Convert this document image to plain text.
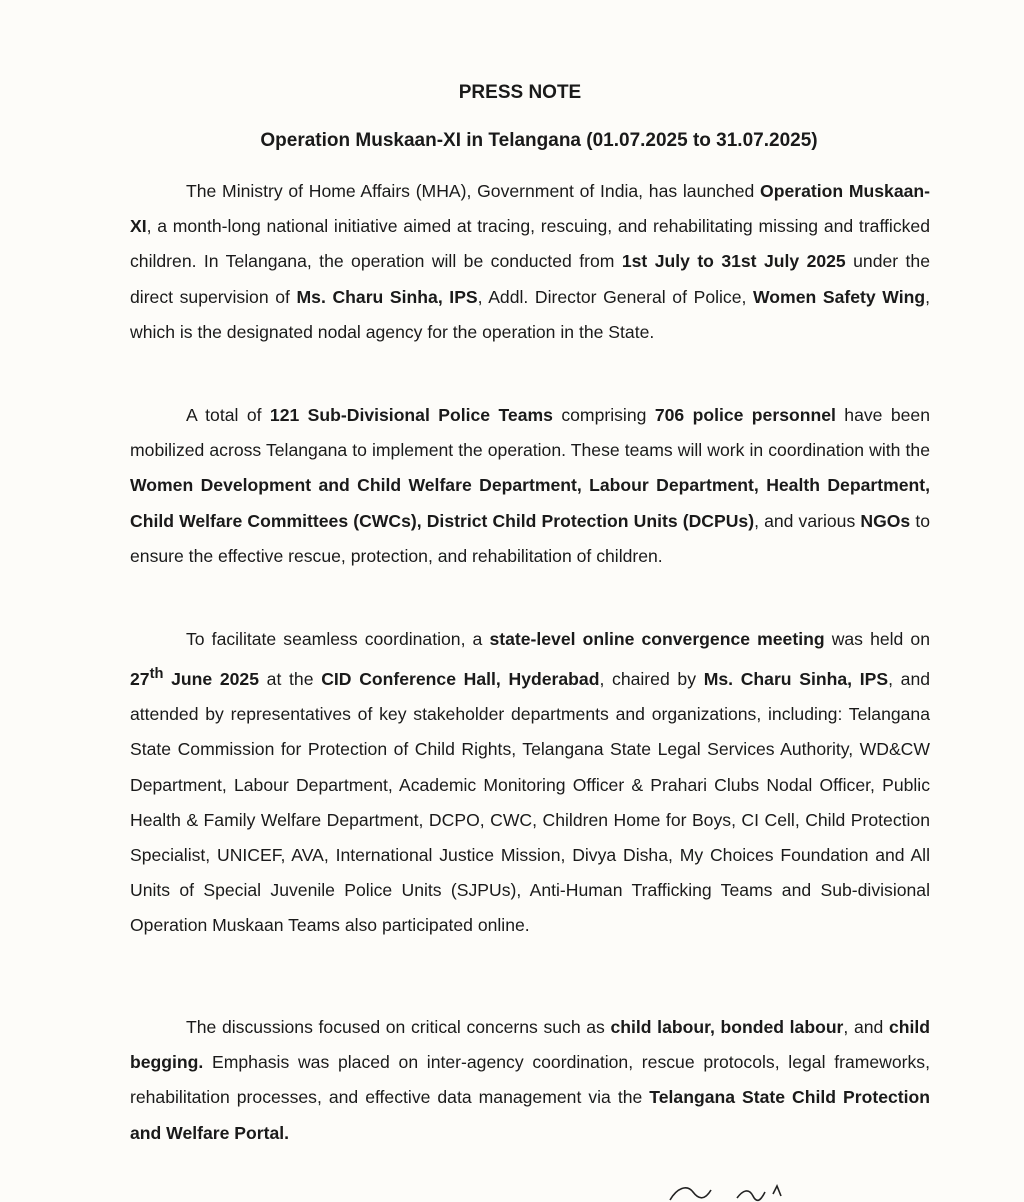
PRESS NOTE
Operation Muskaan-XI in Telangana (01.07.2025 to 31.07.2025)

The Ministry of Home Affairs (MHA), Government of India, has launched Operation Muskaan-XI, a month-long national initiative aimed at tracing, rescuing, and rehabilitating missing and trafficked children. In Telangana, the operation will be conducted from 1st July to 31st July 2025 under the direct supervision of Ms. Charu Sinha, IPS, Addl. Director General of Police, Women Safety Wing, which is the designated nodal agency for the operation in the State.

A total of 121 Sub-Divisional Police Teams comprising 706 police personnel have been mobilized across Telangana to implement the operation. These teams will work in coordination with the Women Development and Child Welfare Department, Labour Department, Health Department, Child Welfare Committees (CWCs), District Child Protection Units (DCPUs), and various NGOs to ensure the effective rescue, protection, and rehabilitation of children.

To facilitate seamless coordination, a state-level online convergence meeting was held on 27th June 2025 at the CID Conference Hall, Hyderabad, chaired by Ms. Charu Sinha, IPS, and attended by representatives of key stakeholder departments and organizations, including: Telangana State Commission for Protection of Child Rights, Telangana State Legal Services Authority, WD&CW Department, Labour Department, Academic Monitoring Officer & Prahari Clubs Nodal Officer, Public Health & Family Welfare Department, DCPO, CWC, Children Home for Boys, CI Cell, Child Protection Specialist, UNICEF, AVA, International Justice Mission, Divya Disha, My Choices Foundation and All Units of Special Juvenile Police Units (SJPUs), Anti-Human Trafficking Teams and Sub-divisional Operation Muskaan Teams also participated online.

The discussions focused on critical concerns such as child labour, bonded labour, and child begging. Emphasis was placed on inter-agency coordination, rescue protocols, legal frameworks, rehabilitation processes, and effective data management via the Telangana State Child Protection and Welfare Portal.
